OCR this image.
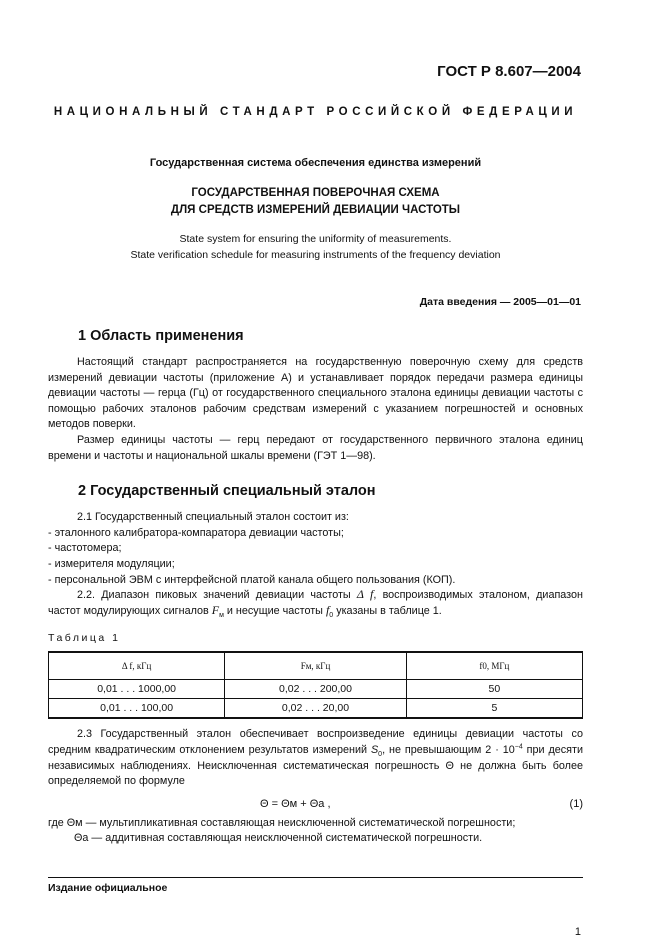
ГОСТ Р 8.607—2004
НАЦИОНАЛЬНЫЙ СТАНДАРТ РОССИЙСКОЙ ФЕДЕРАЦИИ
Государственная система обеспечения единства измерений
ГОСУДАРСТВЕННАЯ ПОВЕРОЧНАЯ СХЕМА
ДЛЯ СРЕДСТВ ИЗМЕРЕНИЙ ДЕВИАЦИИ ЧАСТОТЫ
State system for ensuring the uniformity of measurements.
State verification schedule for measuring instruments of the frequency deviation
Дата введения — 2005—01—01
1 Область применения
Настоящий стандарт распространяется на государственную поверочную схему для средств измерений девиации частоты (приложение А) и устанавливает порядок передачи размера единицы девиации частоты — герца (Гц) от государственного специального эталона единицы девиации частоты с помощью рабочих эталонов рабочим средствам измерений с указанием погрешностей и основных методов поверки.
Размер единицы частоты — герц передают от государственного первичного эталона единиц времени и частоты и национальной шкалы времени (ГЭТ 1—98).
2 Государственный специальный эталон
2.1 Государственный специальный эталон состоит из:
- эталонного калибратора-компаратора девиации частоты;
- частотомера;
- измерителя модуляции;
- персональной ЭВМ с интерфейсной платой канала общего пользования (КОП).
2.2. Диапазон пиковых значений девиации частоты Δ f, воспроизводимых эталоном, диапазон частот модулирующих сигналов $F_м$ и несущие частоты $f_0$ указаны в таблице 1.
Таблица 1
Δ f, кГц	Fм, кГц	f0, МГц
0,01 . . . 1000,00	0,02 . . . 200,00	50
0,01 . . . 100,00	0,02 . . . 20,00	5
2.3 Государственный эталон обеспечивает воспроизведение единицы девиации частоты со средним квадратическим отклонением результатов измерений $S_0$, не превышающим $2 \cdot 10^{-4}$ при десяти независимых наблюдениях. Неисключенная систематическая погрешность Θ не должна быть более определяемой по формуле
Θ = Θм + Θа ,	(1)
где Θм — мультипликативная составляющая неисключенной систематической погрешности;
Θа — аддитивная составляющая неисключенной систематической погрешности.
Издание официальное
1
